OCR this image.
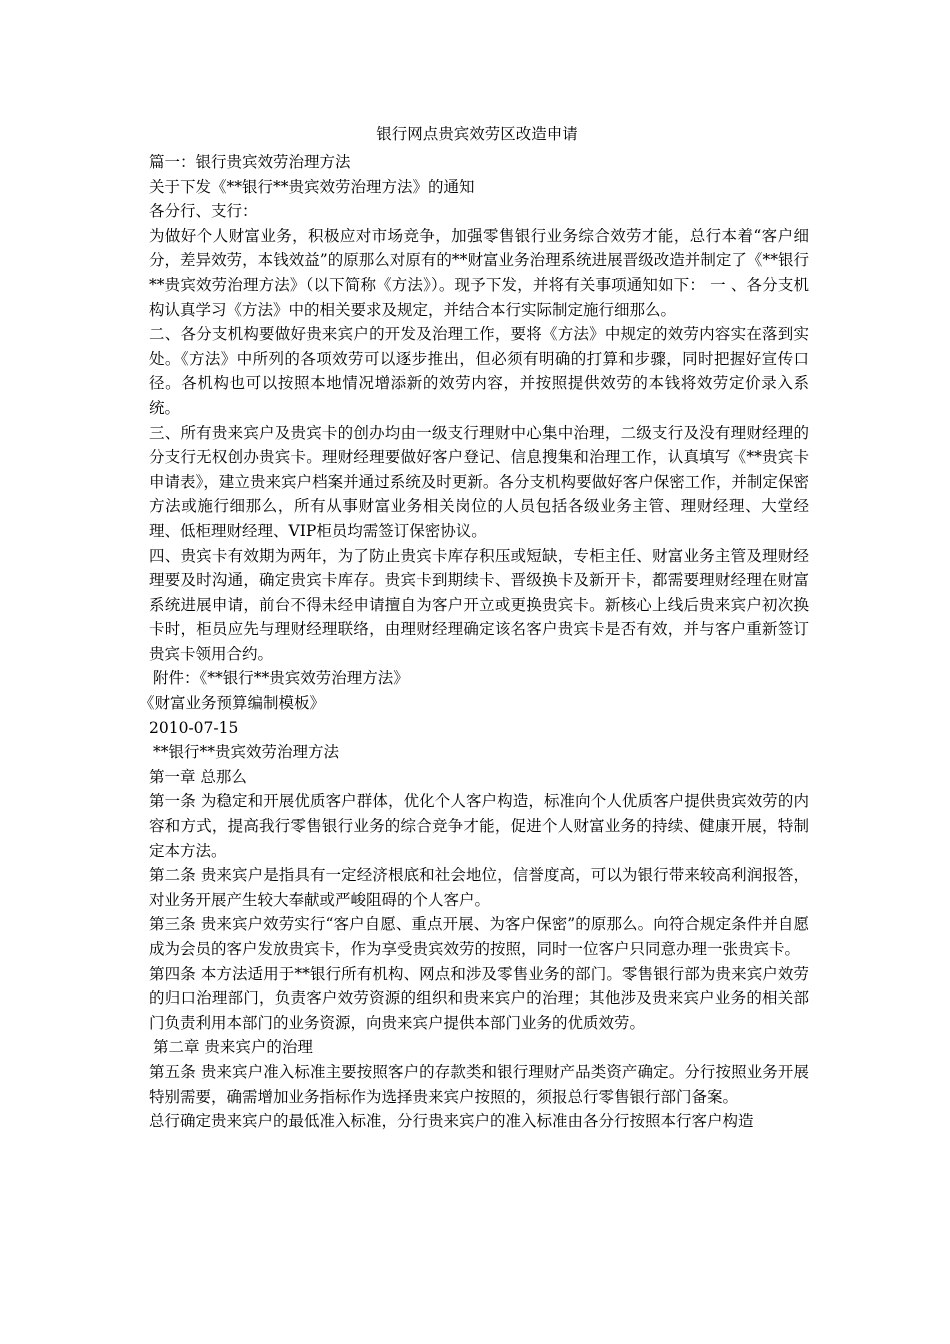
银行网点贵宾效劳区改造申请

篇一：银行贵宾效劳治理方法

关于下发《**银行**贵宾效劳治理方法》的通知

各分行、支行：

为做好个人财富业务，积极应对市场竞争，加强零售银行业务综合效劳才能，总行本着“客户细分，差异效劳，本钱效益”的原那么对原有的**财富业务治理系统进展晋级改造并制定了《**银行**贵宾效劳治理方法》（以下简称《方法》）。现予下发，并将有关事项通知如下： 一 、各分支机构认真学习《方法》中的相关要求及规定，并结合本行实际制定施行细那么。

二、各分支机构要做好贵来宾户的开发及治理工作，要将《方法》中规定的效劳内容实在落到实处。《方法》中所列的各项效劳可以逐步推出，但必须有明确的打算和步骤，同时把握好宣传口径。各机构也可以按照本地情况增添新的效劳内容，并按照提供效劳的本钱将效劳定价录入系统。

三、所有贵来宾户及贵宾卡的创办均由一级支行理财中心集中治理，二级支行及没有理财经理的分支行无权创办贵宾卡。理财经理要做好客户登记、信息搜集和治理工作，认真填写《**贵宾卡申请表》，建立贵来宾户档案并通过系统及时更新。各分支机构要做好客户保密工作，并制定保密方法或施行细那么，所有从事财富业务相关岗位的人员包括各级业务主管、理财经理、大堂经理、低柜理财经理、VIP柜员均需签订保密协议。

四、贵宾卡有效期为两年，为了防止贵宾卡库存积压或短缺，专柜主任、财富业务主管及理财经理要及时沟通，确定贵宾卡库存。贵宾卡到期续卡、晋级换卡及新开卡，都需要理财经理在财富系统进展申请，前台不得未经申请擅自为客户开立或更换贵宾卡。新核心上线后贵来宾户初次换卡时，柜员应先与理财经理联络，由理财经理确定该名客户贵宾卡是否有效，并与客户重新签订贵宾卡领用合约。

附件：《**银行**贵宾效劳治理方法》

《财富业务预算编制模板》

2010-07-15

**银行**贵宾效劳治理方法

第一章 总那么

第一条 为稳定和开展优质客户群体，优化个人客户构造，标准向个人优质客户提供贵宾效劳的内容和方式，提高我行零售银行业务的综合竞争才能，促进个人财富业务的持续、健康开展，特制定本方法。

第二条 贵来宾户是指具有一定经济根底和社会地位，信誉度高，可以为银行带来较高利润报答，对业务开展产生较大奉献或严峻阻碍的个人客户。

第三条 贵来宾户效劳实行“客户自愿、重点开展、为客户保密”的原那么。向符合规定条件并自愿成为会员的客户发放贵宾卡，作为享受贵宾效劳的按照，同时一位客户只同意办理一张贵宾卡。

第四条 本方法适用于**银行所有机构、网点和涉及零售业务的部门。零售银行部为贵来宾户效劳的归口治理部门，负责客户效劳资源的组织和贵来宾户的治理；其他涉及贵来宾户业务的相关部门负责利用本部门的业务资源，向贵来宾户提供本部门业务的优质效劳。

第二章 贵来宾户的治理

第五条 贵来宾户准入标准主要按照客户的存款类和银行理财产品类资产确定。分行按照业务开展特别需要，确需增加业务指标作为选择贵来宾户按照的，须报总行零售银行部门备案。

总行确定贵来宾户的最低准入标准，分行贵来宾户的准入标准由各分行按照本行客户构造
